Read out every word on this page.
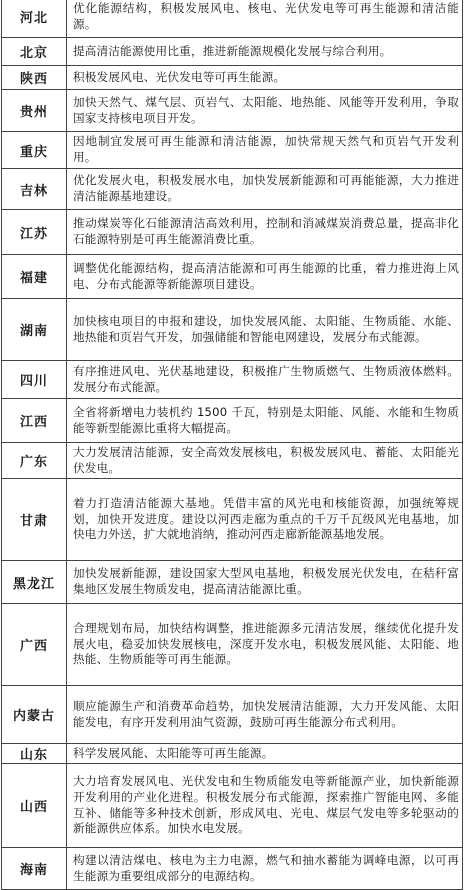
河北	优化能源结构，积极发展风电、核电、光伏发电等可再生能源和清洁能源。
北京	提高清洁能源使用比重，推进新能源规模化发展与综合利用。
陕西	积极发展风电、光伏发电等可再生能源。
贵州	加快天然气、煤气层、页岩气、太阳能、地热能、风能等开发利用，争取国家支持核电项目开发。
重庆	因地制宜发展可再生能源和清洁能源，加快常规天然气和页岩气开发利用。
吉林	优化发展火电，积极发展水电，加快发展新能源和可再能能源，大力推进清洁能源基地建设。
江苏	推动煤炭等化石能源清洁高效利用，控制和消减煤炭消费总量，提高非化石能源特别是可再生能源消费比重。
福建	调整优化能源结构，提高清洁能源和可再生能源的比重，着力推进海上风电、分布式能源等新能源项目建设。
湖南	加快核电项目的申报和建设，加快发展风能、太阳能、生物质能、水能、地热能和页岩气开发，加强储能和智能电网建设，发展分布式能源。
四川	有序推进风电、光伏基地建设，积极推广生物质燃气、生物质液体燃料。发展分布式能源。
江西	全省将新增电力装机约 1500 千瓦，特别是太阳能、风能、水能和生物质能等新型能源比重将大幅提高。
广东	大力发展清洁能源，安全高效发展核电，积极发展风电、蓄能、太阳能光伏发电。
甘肃	着力打造清洁能源大基地。凭借丰富的风光电和核能资源，加强统筹规划，加快开发进度。建设以河西走廊为重点的千万千瓦级风光电基地，加快电力外送，扩大就地消纳，推动河西走廊新能源基地发展。
黑龙江	加快发展新能源，建设国家大型风电基地，积极发展光伏发电，在秸秆富集地区发展生物质发电，提高清洁能源比重。
广西	合理规划布局，加快结构调整，推进能源多元清洁发展，继续优化提升发展火电，稳妥加快发展核电，深度开发水电，积极发展风能、太阳能、地热能、生物质能等可再生能源。
内蒙古	顺应能源生产和消费革命趋势，加快发展清洁能源，大力开发风能、太阳能发电，有序开发利用油气资源，鼓励可再生能源分布式利用。
山东	科学发展风能、太阳能等可再生能源。
山西	大力培育发展风电、光伏发电和生物质能发电等新能源产业，加快新能源开发利用的产业化进程。积极发展分布式能源，探索推广智能电网、多能互补、储能等多种技术创新，形成风电、光电、煤层气发电等多轮驱动的新能源供应体系。加快水电发展。
海南	构建以清洁煤电、核电为主力电源，燃气和抽水蓄能为调峰电源，以可再生能源为重要组成部分的电源结构。
